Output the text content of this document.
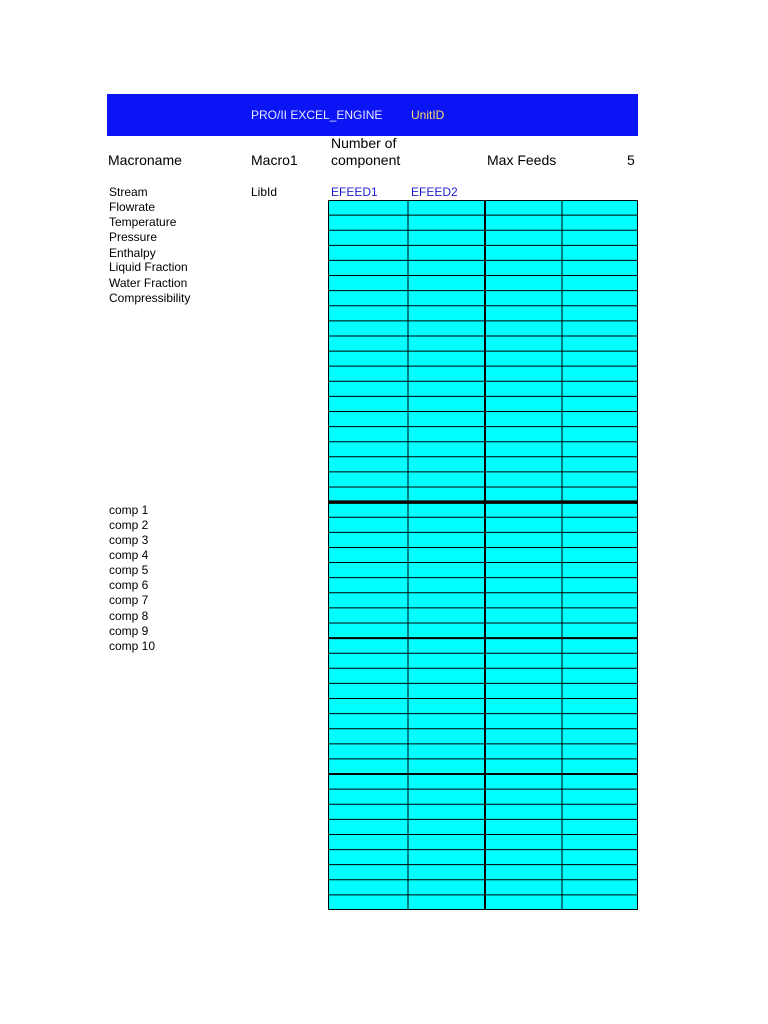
PRO/II EXCEL_ENGINE UnitID
Macroname	Macro1
Number of
component	Max Feeds	5
Stream	LibId	EFEED1	EFEED2
Flowrate
Temperature
Pressure
Enthalpy
Liquid Fraction
Water Fraction
Compressibility
comp 1
comp 2
comp 3
comp 4
comp 5
comp 6
comp 7
comp 8
comp 9
comp 10
